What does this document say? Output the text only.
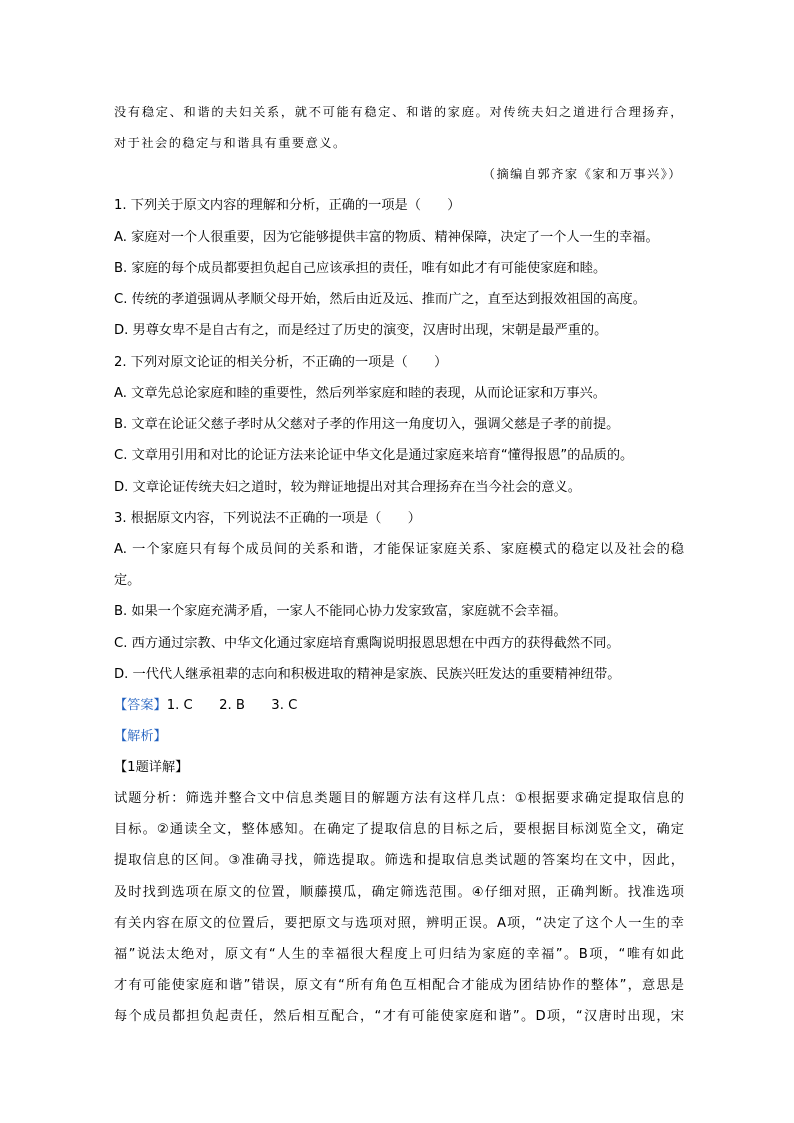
没有稳定、和谐的夫妇关系，就不可能有稳定、和谐的家庭。对传统夫妇之道进行合理扬弃，
对于社会的稳定与和谐具有重要意义。
（摘编自郭齐家《家和万事兴》）
1. 下列关于原文内容的理解和分析，正确的一项是（　　）
A. 家庭对一个人很重要，因为它能够提供丰富的物质、精神保障，决定了一个人一生的幸福。
B. 家庭的每个成员都要担负起自己应该承担的责任，唯有如此才有可能使家庭和睦。
C. 传统的孝道强调从孝顺父母开始，然后由近及远、推而广之，直至达到报效祖国的高度。
D. 男尊女卑不是自古有之，而是经过了历史的演变，汉唐时出现，宋朝是最严重的。
2. 下列对原文论证的相关分析，不正确的一项是（　　）
A. 文章先总论家庭和睦的重要性，然后列举家庭和睦的表现，从而论证家和万事兴。
B. 文章在论证父慈子孝时从父慈对子孝的作用这一角度切入，强调父慈是子孝的前提。
C. 文章用引用和对比的论证方法来论证中华文化是通过家庭来培育“懂得报恩”的品质的。
D. 文章论证传统夫妇之道时，较为辩证地提出对其合理扬弃在当今社会的意义。
3. 根据原文内容，下列说法不正确的一项是（　　）
A. 一个家庭只有每个成员间的关系和谐，才能保证家庭关系、家庭模式的稳定以及社会的稳
定。
B. 如果一个家庭充满矛盾，一家人不能同心协力发家致富，家庭就不会幸福。
C. 西方通过宗教、中华文化通过家庭培育熏陶说明报恩思想在中西方的获得截然不同。
D. 一代代人继承祖辈的志向和积极进取的精神是家族、民族兴旺发达的重要精神纽带。
【答案】1. C　　2. B　　3. C
【解析】
【1题详解】
试题分析：筛选并整合文中信息类题目的解题方法有这样几点：①根据要求确定提取信息的
目标。②通读全文，整体感知。在确定了提取信息的目标之后，要根据目标浏览全文，确定
提取信息的区间。③准确寻找，筛选提取。筛选和提取信息类试题的答案均在文中，因此，
及时找到选项在原文的位置，顺藤摸瓜，确定筛选范围。④仔细对照，正确判断。找准选项
有关内容在原文的位置后，要把原文与选项对照，辨明正误。A项，“决定了这个人一生的幸
福”说法太绝对，原文有“人生的幸福很大程度上可归结为家庭的幸福”。B项，“唯有如此
才有可能使家庭和谐”错误，原文有“所有角色互相配合才能成为团结协作的整体”，意思是
每个成员都担负起责任，然后相互配合，“才有可能使家庭和谐”。D项，“汉唐时出现，宋
